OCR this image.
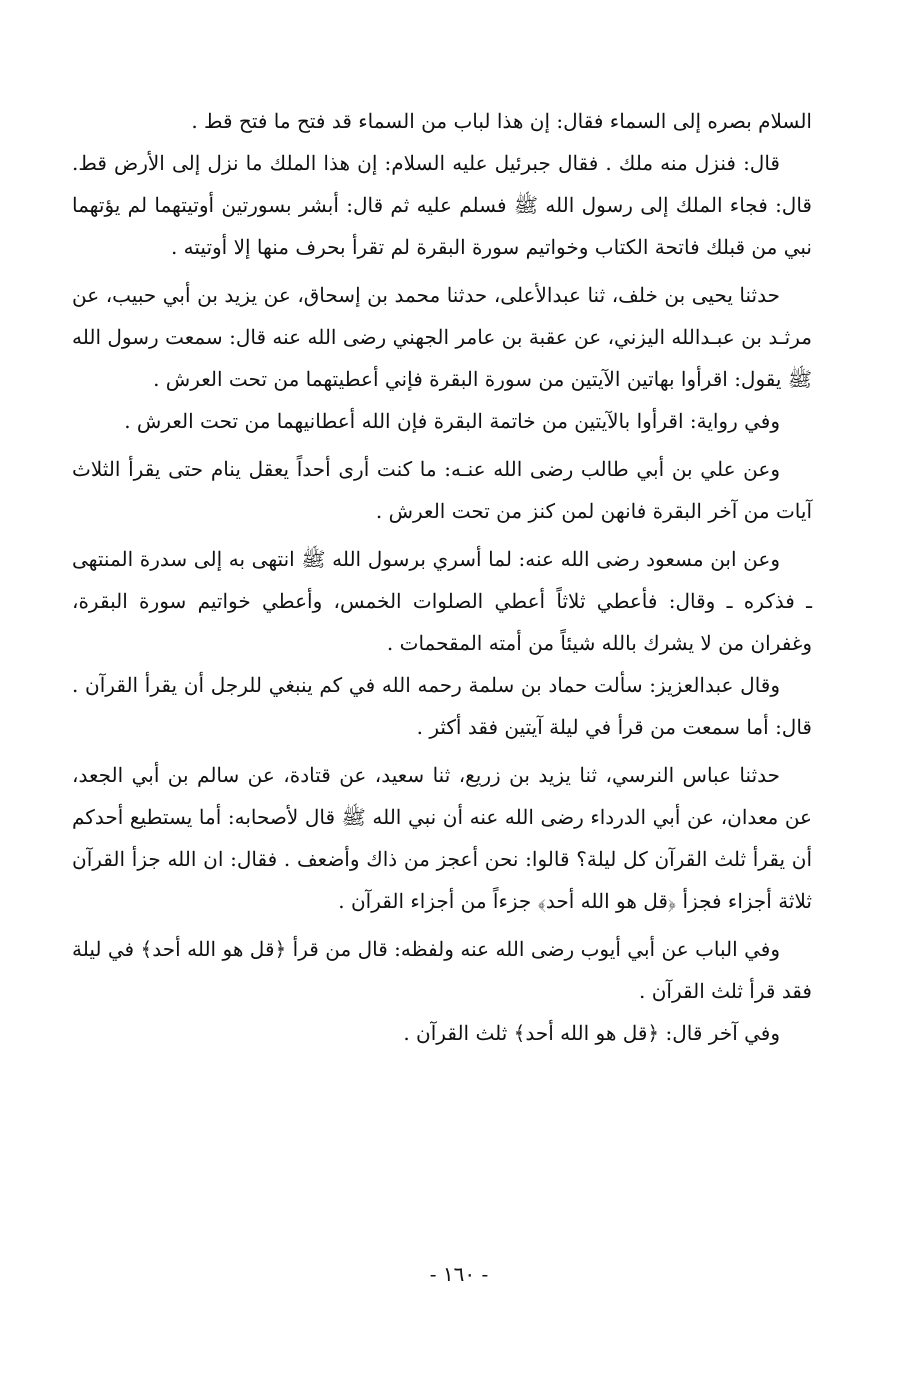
السلام بصره إلى السماء فقال: إن هذا لباب من السماء قد فتح ما فتح قط .

قال: فنزل منه ملك . فقال جبرئيل عليه السلام: إن هذا الملك ما نزل إلى الأرض قط. قال: فجاء الملك إلى رسول الله ﷺ فسلم عليه ثم قال: أبشر بسورتين أوتيتهما لم يؤتهما نبي من قبلك فاتحة الكتاب وخواتيم سورة البقرة لم تقرأ بحرف منها إلا أوتيته .

حدثنا يحيى بن خلف، ثنا عبدالأعلى، حدثنا محمد بن إسحاق، عن يزيد بن أبي حبيب، عن مرثـد بن عبـدالله اليزني، عن عقبة بن عامر الجهني رضى الله عنه قال: سمعت رسول الله ﷺ يقول: اقرأوا بهاتين الآيتين من سورة البقرة فإني أعطيتهما من تحت العرش .

وفي رواية: اقرأوا بالآيتين من خاتمة البقرة فإن الله أعطانيهما من تحت العرش .

وعن علي بن أبي طالب رضى الله عنـه: ما كنت أرى أحداً يعقل ينام حتى يقرأ الثلاث آيات من آخر البقرة فانهن لمن كنز من تحت العرش .

وعن ابن مسعود رضى الله عنه: لما أسري برسول الله ﷺ انتهى به إلى سدرة المنتهى ـ فذكره ـ وقال: فأعطي ثلاثاً أعطي الصلوات الخمس، وأعطي خواتيم سورة البقرة، وغفران من لا يشرك بالله شيئاً من أمته المقحمات .

وقال عبدالعزيز: سألت حماد بن سلمة رحمه الله في كم ينبغي للرجل أن يقرأ القرآن . قال: أما سمعت من قرأ في ليلة آيتين فقد أكثر .

حدثنا عباس النرسي، ثنا يزيد بن زريع، ثنا سعيد، عن قتادة، عن سالم بن أبي الجعد، عن معدان، عن أبي الدرداء رضى الله عنه أن نبي الله ﷺ قال لأصحابه: أما يستطيع أحدكم أن يقرأ ثلث القرآن كل ليلة؟ قالوا: نحن أعجز من ذاك وأضعف . فقال: ان الله جزأ القرآن ثلاثة أجزاء فجزأ ﴿قل هو الله أحد﴾ جزءاً من أجزاء القرآن .

وفي الباب عن أبي أيوب رضى الله عنه ولفظه: قال من قرأ ﴿قل هو الله أحد﴾ في ليلة فقد قرأ ثلث القرآن .

وفي آخر قال: ﴿قل هو الله أحد﴾ ثلث القرآن .

- ١٦٠ -
